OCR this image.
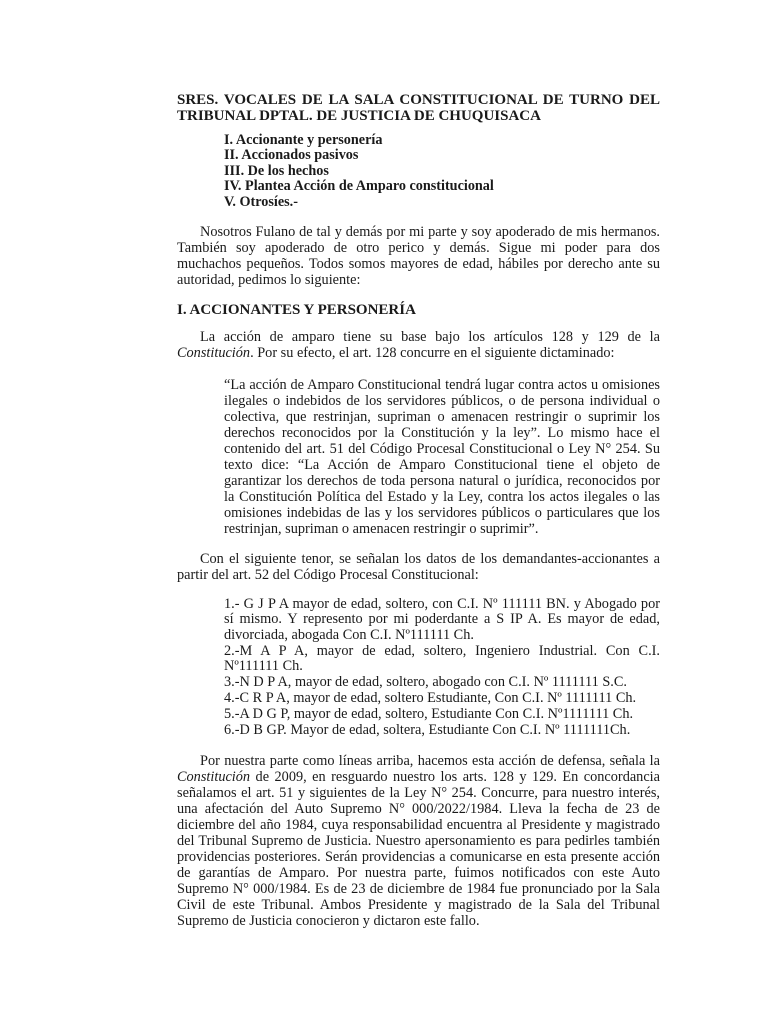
SRES. VOCALES DE LA SALA CONSTITUCIONAL DE TURNO DEL TRIBUNAL DPTAL. DE JUSTICIA DE CHUQUISACA
I. Accionante y personería
II. Accionados pasivos
III. De los hechos
IV. Plantea Acción de Amparo constitucional
V. Otrosíes.-

Nosotros Fulano de tal y demás por mi parte y soy apoderado de mis hermanos. También soy apoderado de otro perico y demás. Sigue mi poder para dos muchachos pequeños. Todos somos mayores de edad, hábiles por derecho ante su autoridad, pedimos lo siguiente:

I. ACCIONANTES Y PERSONERÍA

La acción de amparo tiene su base bajo los artículos 128 y 129 de la Constitución. Por su efecto, el art. 128 concurre en el siguiente dictaminado:

“La acción de Amparo Constitucional tendrá lugar contra actos u omisiones ilegales o indebidos de los servidores públicos, o de persona individual o colectiva, que restrinjan, supriman o amenacen restringir o suprimir los derechos reconocidos por la Constitución y la ley”. Lo mismo hace el contenido del art. 51 del Código Procesal Constitucional o Ley N° 254. Su texto dice: “La Acción de Amparo Constitucional tiene el objeto de garantizar los derechos de toda persona natural o jurídica, reconocidos por la Constitución Política del Estado y la Ley, contra los actos ilegales o las omisiones indebidas de las y los servidores públicos o particulares que los restrinjan, supriman o amenacen restringir o suprimir”.

Con el siguiente tenor, se señalan los datos de los demandantes-accionantes a partir del art. 52 del Código Procesal Constitucional:

1.- G J P A mayor de edad, soltero, con C.I. Nº 111111 BN. y Abogado por sí mismo. Y represento por mi poderdante a S IP A. Es mayor de edad, divorciada, abogada Con C.I. Nº111111 Ch.
2.-M A P A, mayor de edad, soltero, Ingeniero Industrial. Con C.I. Nº111111 Ch.
3.-N D P A, mayor de edad, soltero, abogado con C.I. Nº 1111111 S.C.
4.-C R P A, mayor de edad, soltero Estudiante, Con C.I. Nº 1111111 Ch.
5.-A D G P, mayor de edad, soltero, Estudiante Con C.I. Nº1111111 Ch.
6.-D B GP. Mayor de edad, soltera, Estudiante Con C.I. Nº 1111111Ch.

Por nuestra parte como líneas arriba, hacemos esta acción de defensa, señala la Constitución de 2009, en resguardo nuestro los arts. 128 y 129. En concordancia señalamos el art. 51 y siguientes de la Ley N° 254. Concurre, para nuestro interés, una afectación del Auto Supremo N° 000/2022/1984. Lleva la fecha de 23 de diciembre del año 1984, cuya responsabilidad encuentra al Presidente y magistrado del Tribunal Supremo de Justicia. Nuestro apersonamiento es para pedirles también providencias posteriores. Serán providencias a comunicarse en esta presente acción de garantías de Amparo. Por nuestra parte, fuimos notificados con este Auto Supremo N° 000/1984. Es de 23 de diciembre de 1984 fue pronunciado por la Sala Civil de este Tribunal. Ambos Presidente y magistrado de la Sala del Tribunal Supremo de Justicia conocieron y dictaron este fallo.
